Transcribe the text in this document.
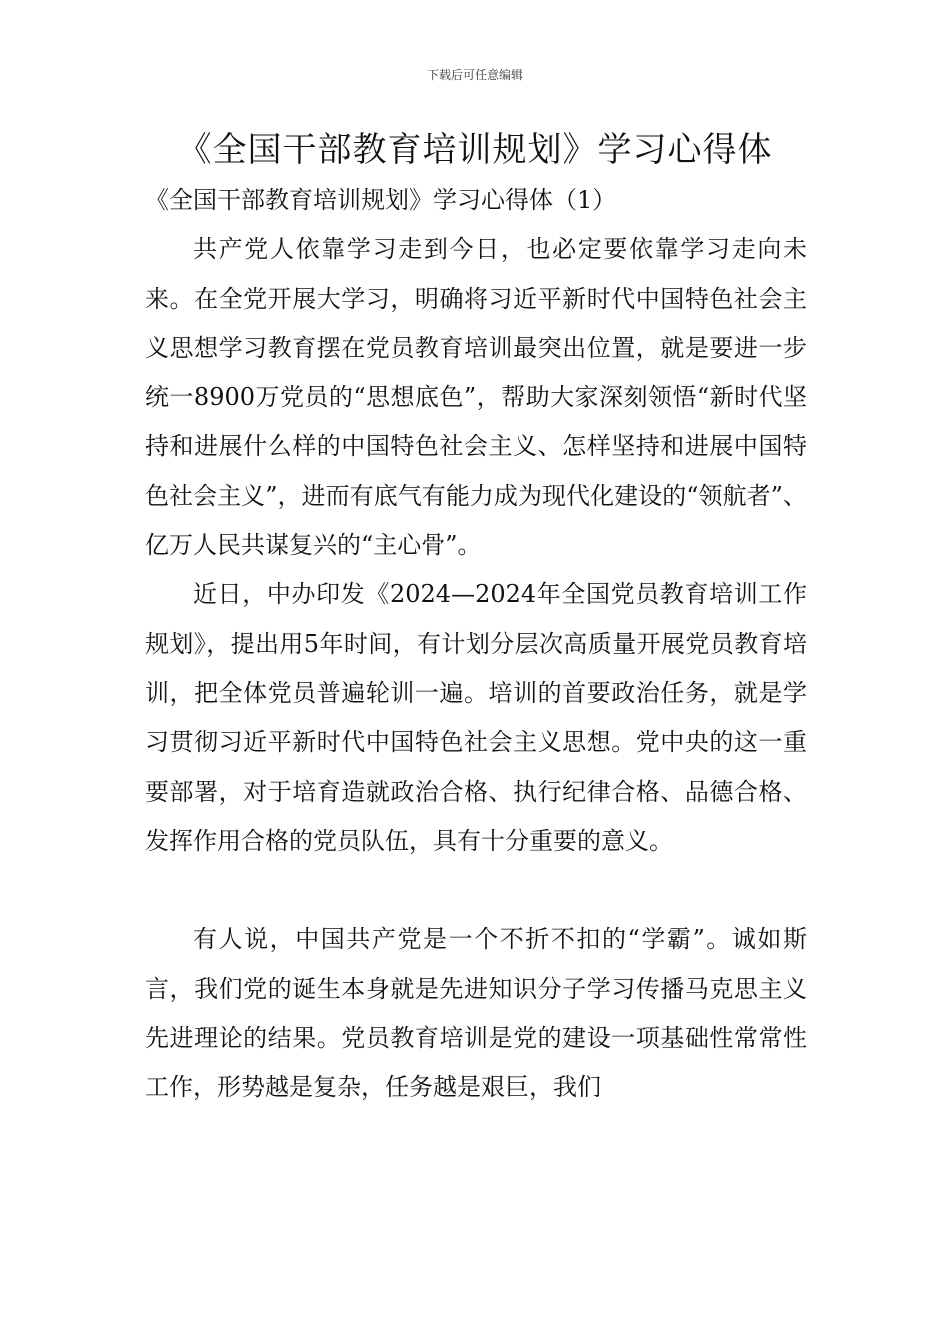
下载后可任意编辑
《全国干部教育培训规划》学习心得体

《全国干部教育培训规划》学习心得体（1）

共产党人依靠学习走到今日，也必定要依靠学习走向未来。在全党开展大学习，明确将习近平新时代中国特色社会主义思想学习教育摆在党员教育培训最突出位置，就是要进一步统一8900万党员的“思想底色”，帮助大家深刻领悟“新时代坚持和进展什么样的中国特色社会主义、怎样坚持和进展中国特色社会主义”，进而有底气有能力成为现代化建设的“领航者”、亿万人民共谋复兴的“主心骨”。

近日，中办印发《2024—2024年全国党员教育培训工作规划》，提出用5年时间，有计划分层次高质量开展党员教育培训，把全体党员普遍轮训一遍。培训的首要政治任务，就是学习贯彻习近平新时代中国特色社会主义思想。党中央的这一重要部署，对于培育造就政治合格、执行纪律合格、品德合格、发挥作用合格的党员队伍，具有十分重要的意义。

有人说，中国共产党是一个不折不扣的“学霸”。诚如斯言，我们党的诞生本身就是先进知识分子学习传播马克思主义先进理论的结果。党员教育培训是党的建设一项基础性常常性工作，形势越是复杂，任务越是艰巨，我们
